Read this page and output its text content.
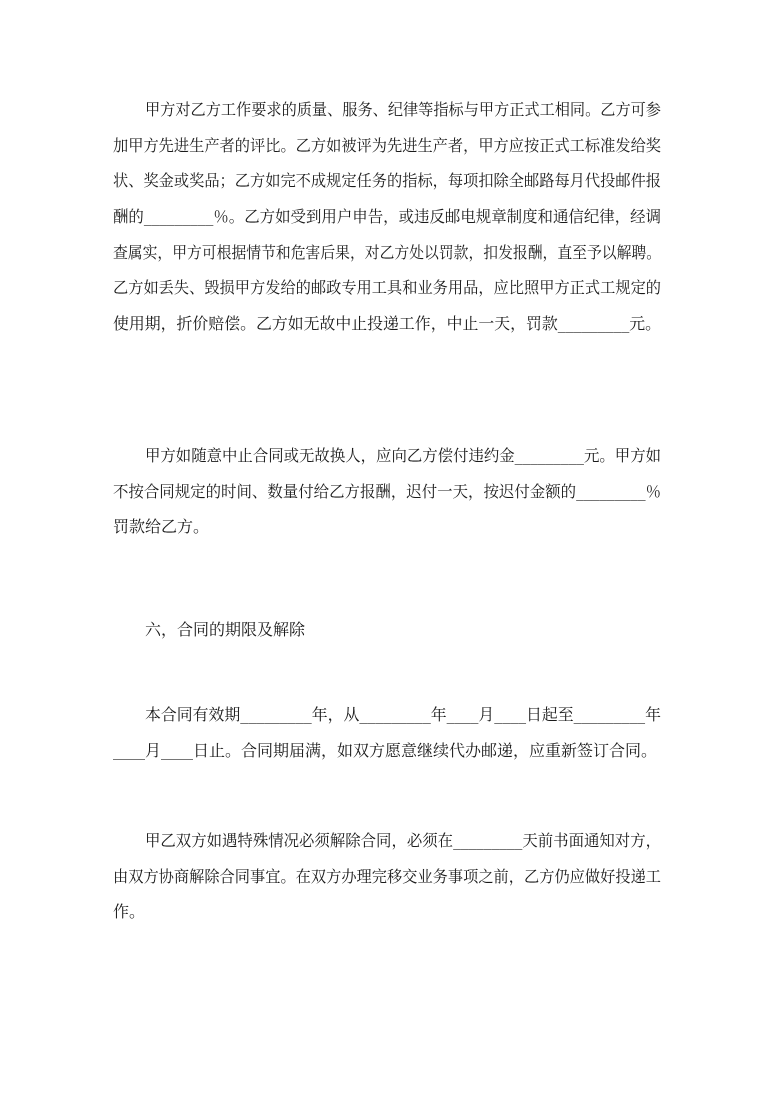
甲方对乙方工作要求的质量、服务、纪律等指标与甲方正式工相同。乙方可参
加甲方先进生产者的评比。乙方如被评为先进生产者，甲方应按正式工标准发给奖
状、奖金或奖品；乙方如完不成规定任务的指标，每项扣除全邮路每月代投邮件报
酬的_________％。乙方如受到用户申告，或违反邮电规章制度和通信纪律，经调
查属实，甲方可根据情节和危害后果，对乙方处以罚款，扣发报酬，直至予以解聘。
乙方如丢失、毁损甲方发给的邮政专用工具和业务用品，应比照甲方正式工规定的
使用期，折价赔偿。乙方如无故中止投递工作，中止一天，罚款_________元。
甲方如随意中止合同或无故换人，应向乙方偿付违约金_________元。甲方如
不按合同规定的时间、数量付给乙方报酬，迟付一天，按迟付金额的_________％
罚款给乙方。

六，合同的期限及解除

本合同有效期_________年，从_________年____月____日起至_________年
____月____日止。合同期届满，如双方愿意继续代办邮递，应重新签订合同。
甲乙双方如遇特殊情况必须解除合同，必须在_________天前书面通知对方，
由双方协商解除合同事宜。在双方办理完移交业务事项之前，乙方仍应做好投递工
作。
